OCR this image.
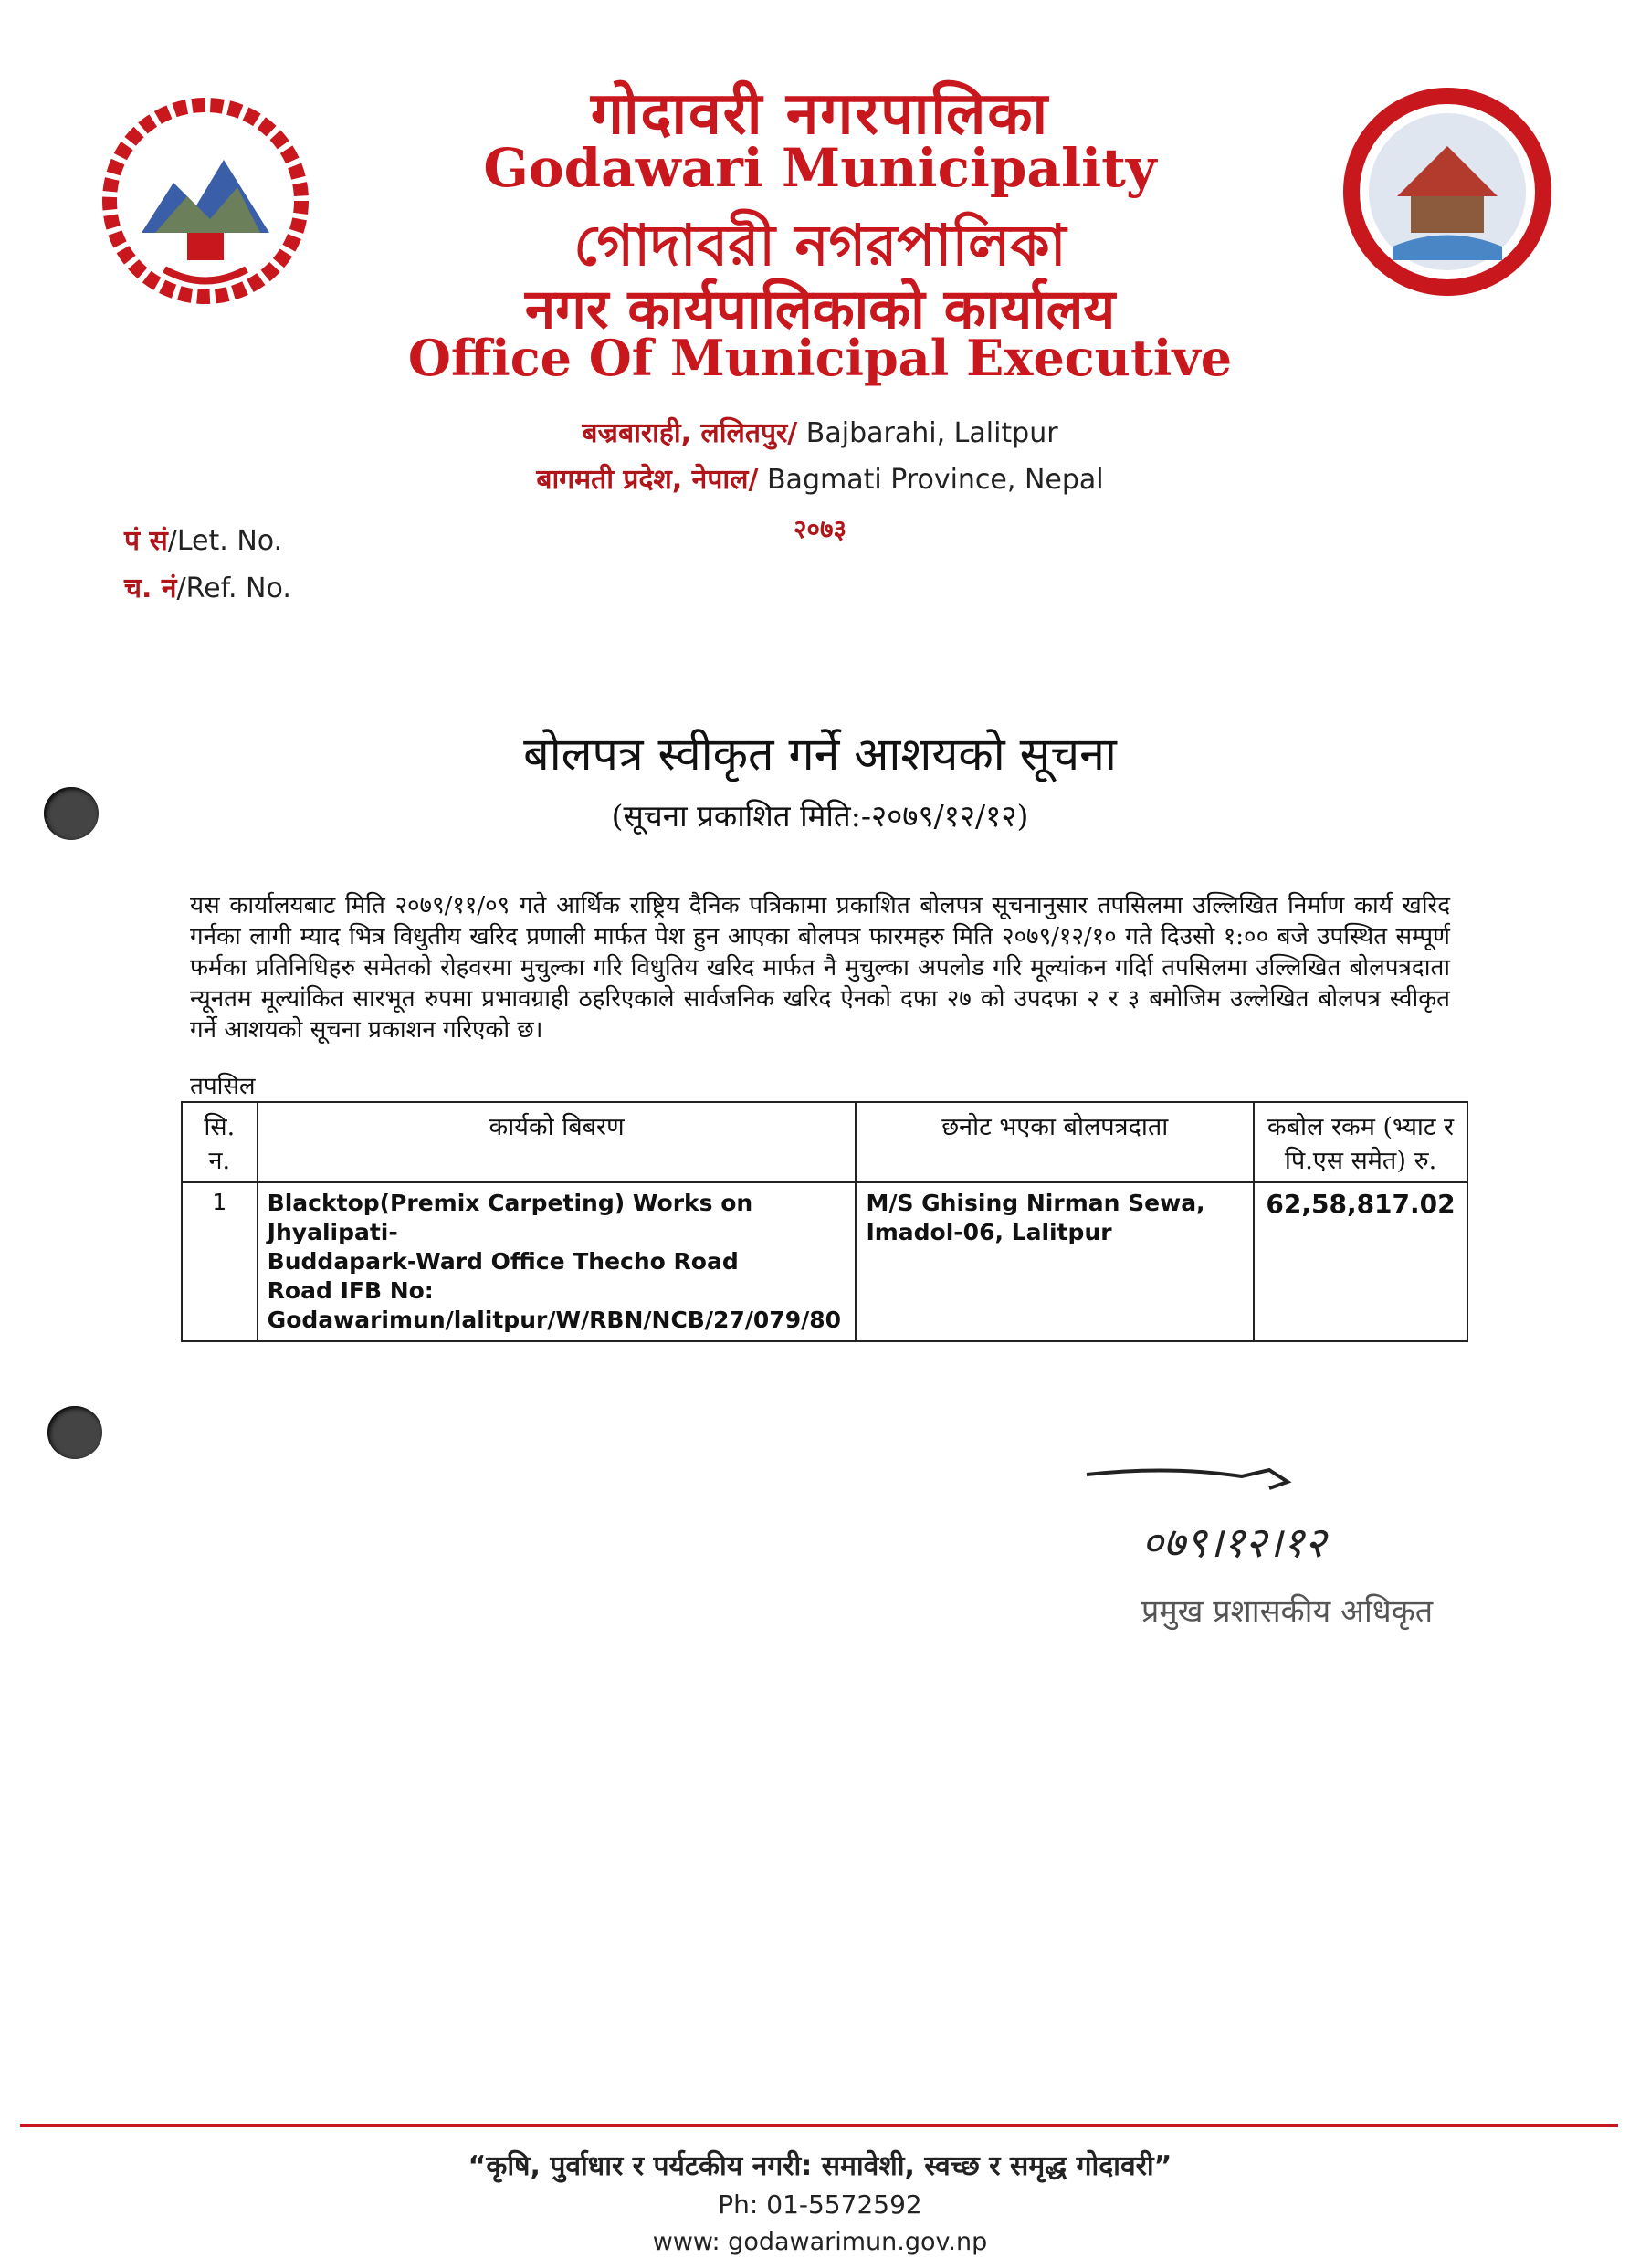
गोदावरी नगरपालिका
Godawari Municipality
গোদাবরী নগরপালিকা
नगर कार्यपालिकाको कार्यालय
Office Of Municipal Executive
बज्रबाराही, ललितपुर/ Bajbarahi, Lalitpur
बागमती प्रदेश, नेपाल/ Bagmati Province, Nepal
२०७३
पं सं/Let. No.
च. नं/Ref. No.
बोलपत्र स्वीकृत गर्ने आशयको सूचना
(सूचना प्रकाशित मिति:-२०७९/१२/१२)
यस कार्यालयबाट मिति २०७९/११/०९ गते आर्थिक राष्ट्रिय दैनिक पत्रिकामा प्रकाशित बोलपत्र सूचनानुसार तपसिलमा उल्लिखित निर्माण कार्य खरिद गर्नका लागी म्याद भित्र विधुतीय खरिद प्रणाली मार्फत पेश हुन आएका बोलपत्र फारमहरु मिति २०७९/१२/१० गते दिउसो १:०० बजे उपस्थित सम्पूर्ण फर्मका प्रतिनिधिहरु समेतको रोहवरमा मुचुल्का गरि विधुतिय खरिद मार्फत नै मुचुल्का अपलोड गरि मूल्यांकन गर्दिा तपसिलमा उल्लिखित बोलपत्रदाता न्यूनतम मूल्यांकित सारभूत रुपमा प्रभावग्राही ठहरिएकाले सार्वजनिक खरिद ऐनको दफा २७ को उपदफा २ र ३ बमोजिम उल्लेखित बोलपत्र स्वीकृत गर्ने आशयको सूचना प्रकाशन गरिएको छ।
तपसिल
सि. न.	कार्यको बिबरण	छनोट भएका बोलपत्रदाता	कबोल रकम (भ्याट र पि.एस समेत) रु.
1	Blacktop(Premix Carpeting) Works on Jhyalipati-
Buddapark-Ward Office Thecho Road
Road IFB No:
Godawarimun/lalitpur/W/RBN/NCB/27/079/80	M/S Ghising Nirman Sewa, Imadol-06, Lalitpur	62,58,817.02
०७९।१२।१२
प्रमुख प्रशासकीय अधिकृत
“कृषि, पुर्वाधार र पर्यटकीय नगरी: समावेशी, स्वच्छ र समृद्ध गोदावरी”
Ph: 01-5572592
www: godawarimun.gov.np
